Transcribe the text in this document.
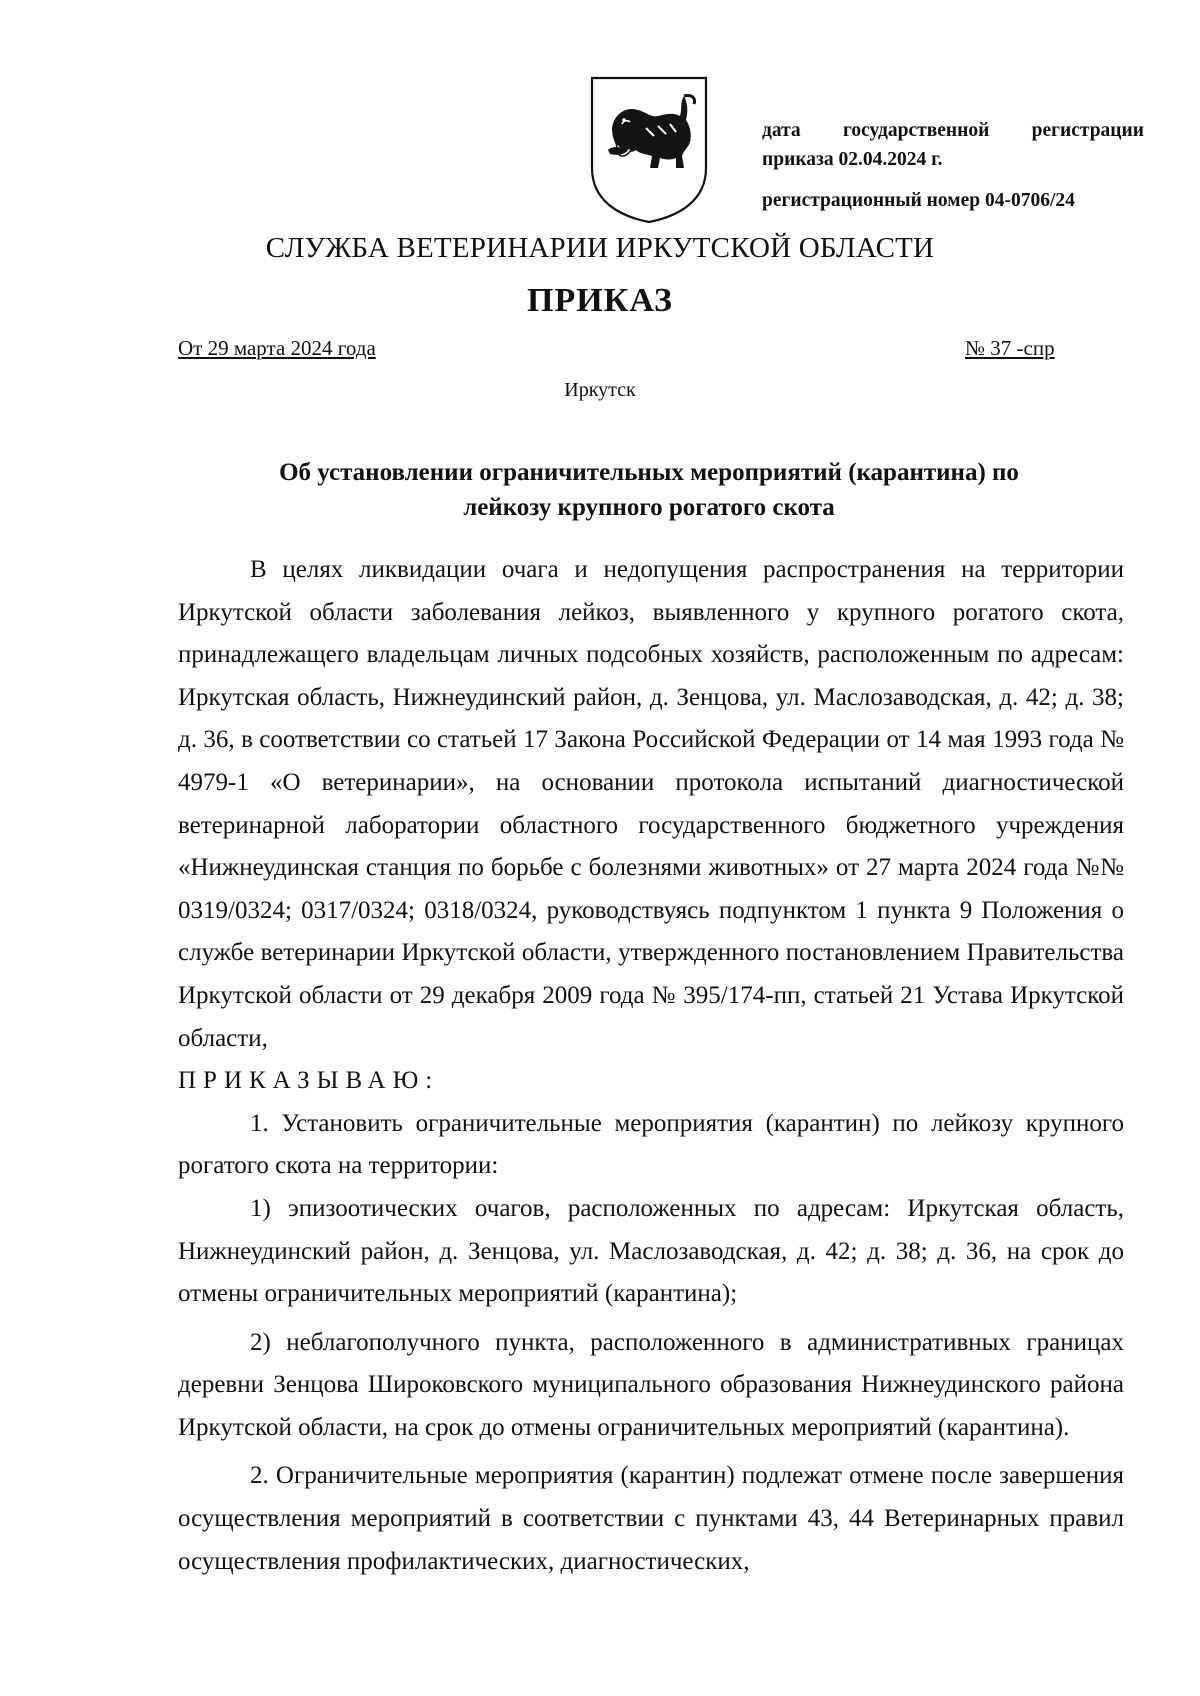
дата государственной регистрации
приказа 02.04.2024 г.
регистрационный номер 04-0706/24
СЛУЖБА ВЕТЕРИНАРИИ ИРКУТСКОЙ ОБЛАСТИ
ПРИКАЗ
От 29 марта 2024 года	№ 37 -спр
Иркутск
Об установлении ограничительных мероприятий (карантина) по
лейкозу крупного рогатого скота

В целях ликвидации очага и недопущения распространения на территории Иркутской области заболевания лейкоз, выявленного у крупного рогатого скота, принадлежащего владельцам личных подсобных хозяйств, расположенным по адресам: Иркутская область, Нижнеудинский район, д. Зенцова, ул. Маслозаводская, д. 42; д. 38; д. 36, в соответствии со статьей 17 Закона Российской Федерации от 14 мая 1993 года № 4979-1 «О ветеринарии», на основании протокола испытаний диагностической ветеринарной лаборатории областного государственного бюджетного учреждения «Нижнеудинская станция по борьбе с болезнями животных» от 27 марта 2024 года №№ 0319/0324; 0317/0324; 0318/0324, руководствуясь подпунктом 1 пункта 9 Положения о службе ветеринарии Иркутской области, утвержденного постановлением Правительства Иркутской области от 29 декабря 2009 года № 395/174-пп, статьей 21 Устава Иркутской области,

ПРИКАЗЫВАЮ:

1. Установить ограничительные мероприятия (карантин) по лейкозу крупного рогатого скота на территории:

1) эпизоотических очагов, расположенных по адресам: Иркутская область, Нижнеудинский район, д. Зенцова, ул. Маслозаводская, д. 42; д. 38; д. 36, на срок до отмены ограничительных мероприятий (карантина);

2) неблагополучного пункта, расположенного в административных границах деревни Зенцова Широковского муниципального образования Нижнеудинского района Иркутской области, на срок до отмены ограничительных мероприятий (карантина).

2. Ограничительные мероприятия (карантин) подлежат отмене после завершения осуществления мероприятий в соответствии с пунктами 43, 44 Ветеринарных правил осуществления профилактических, диагностических,
